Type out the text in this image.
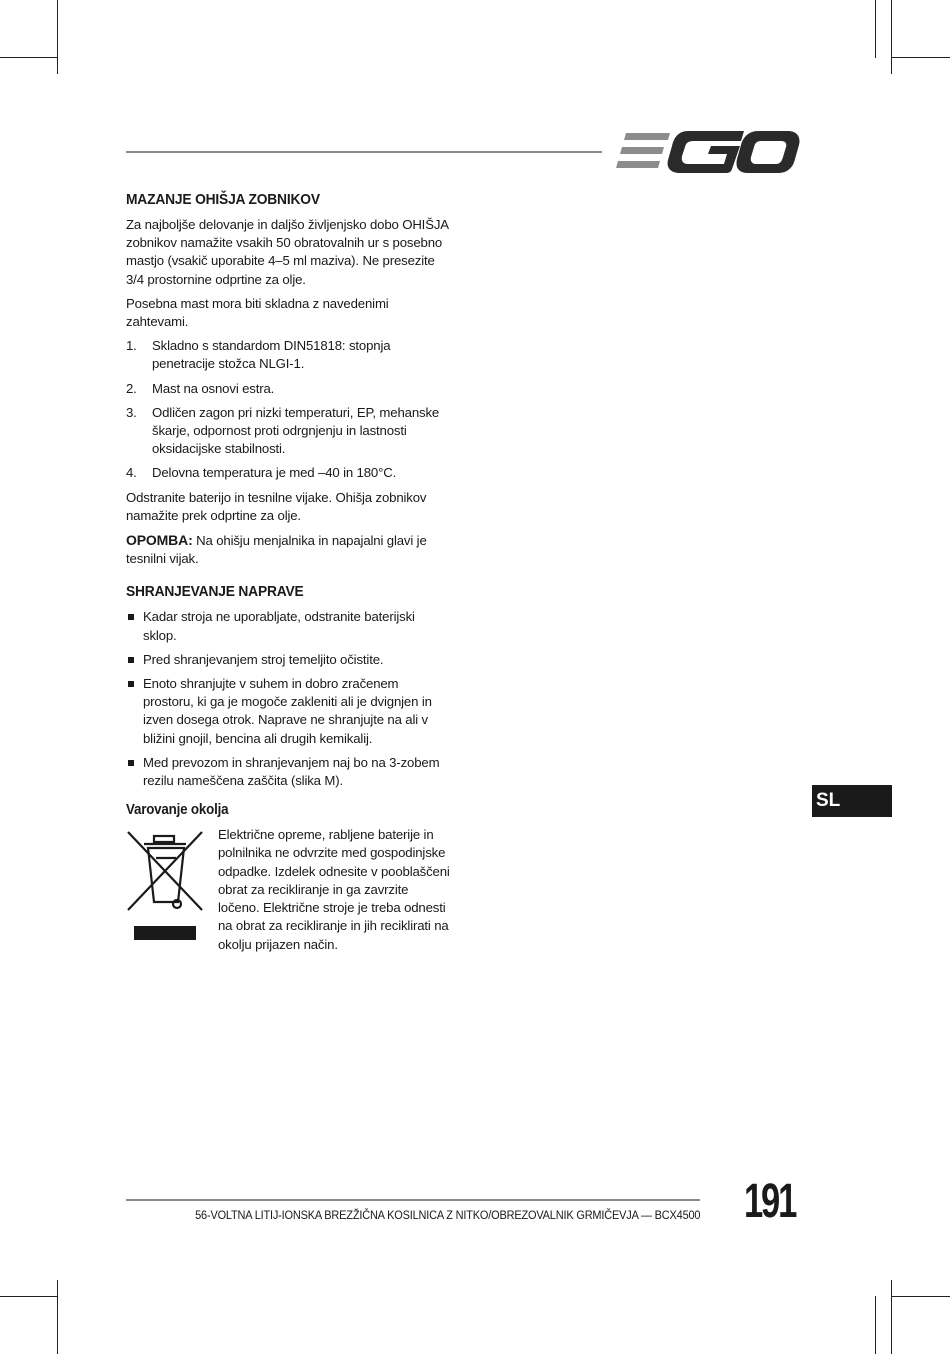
MAZANJE OHIŠJA ZOBNIKOV

Za najboljše delovanje in daljšo življenjsko dobo OHIŠJA zobnikov namažite vsakih 50 obratovalnih ur s posebno mastjo (vsakič uporabite 4–5 ml maziva). Ne presezite 3/4 prostornine odprtine za olje.

Posebna mast mora biti skladna z navedenimi zahtevami.

1. Skladno s standardom DIN51818: stopnja penetracije stožca NLGI-1.
2. Mast na osnovi estra.
3. Odličen zagon pri nizki temperaturi, EP, mehanske škarje, odpornost proti odrgnjenju in lastnosti oksidacijske stabilnosti.
4. Delovna temperatura je med –40 in 180°C.

Odstranite baterijo in tesnilne vijake. Ohišja zobnikov namažite prek odprtine za olje.

OPOMBA: Na ohišju menjalnika in napajalni glavi je tesnilni vijak.

SHRANJEVANJE NAPRAVE
Kadar stroja ne uporabljate, odstranite baterijski sklop.
Pred shranjevanjem stroj temeljito očistite.
Enoto shranjujte v suhem in dobro zračenem prostoru, ki ga je mogoče zakleniti ali je dvignjen in izven dosega otrok. Naprave ne shranjujte na ali v bližini gnojil, bencina ali drugih kemikalij.
Med prevozom in shranjevanjem naj bo na 3-zobem rezilu nameščena zaščita (slika M).
Varovanje okolja
Električne opreme, rabljene baterije in polnilnika ne odvrzite med gospodinjske odpadke. Izdelek odnesite v pooblaščeni obrat za recikliranje in ga zavrzite ločeno. Električne stroje je treba odnesti na obrat za recikliranje in jih reciklirati na okolju prijazen način.
SL
56-VOLTNA LITIJ-IONSKA BREZŽIČNA KOSILNICA Z NITKO/OBREZOVALNIK GRMIČEVJA — BCX4500 191
